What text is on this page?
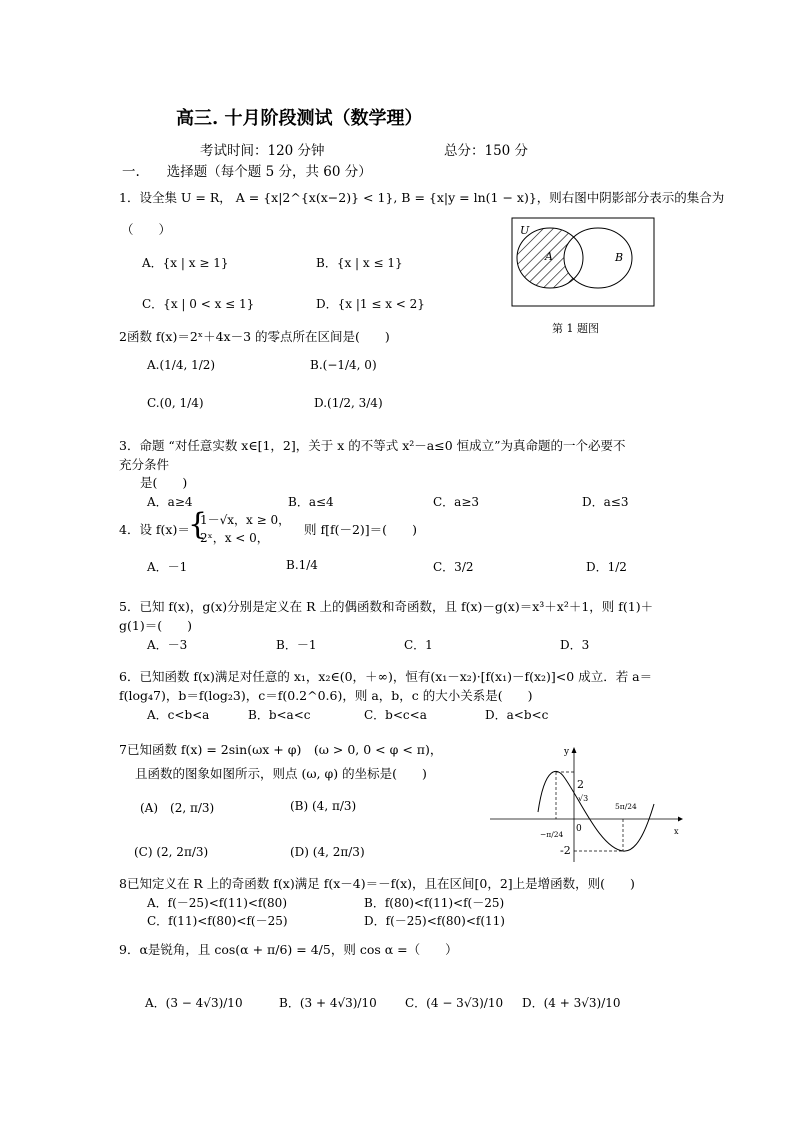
高三. 十月阶段测试（数学理）
考试时间：120 分钟	总分：150 分
一.　　选择题（每个题 5 分，共 60 分）
1．设全集 U = R， A = {x|2^{x(x−2)} < 1}, B = {x|y = ln(1 − x)}，则右图中阴影部分表示的集合为
（　　）
A．{x | x ≥ 1}	B．{x | x ≤ 1}
C．{x | 0 < x ≤ 1}	D．{x |1 ≤ x < 2}
U
A	B
第 1 题图
2函数 f(x)＝2ˣ＋4x－3 的零点所在区间是(　　)
A.(1/4, 1/2)	B.(−1/4, 0)
C.(0, 1/4)	D.(1/2, 3/4)
3．命题 “对任意实数 x∈[1，2]，关于 x 的不等式 x²－a≤0 恒成立”为真命题的一个必要不
充分条件
是(　　)
A．a≥4	B．a≤4	C．a≥3	D．a≤3
4．设 f(x)＝
{
1－√x，x ≥ 0，
2ˣ，x < 0，
则 f[f(－2)]＝(　　)
A．－1	B.1/4	C．3/2	D．1/2
5．已知 f(x)，g(x)分别是定义在 R 上的偶函数和奇函数，且 f(x)－g(x)＝x³＋x²＋1，则 f(1)＋
g(1)＝(　　)
A．－3	B．－1	C．1	D．3
6．已知函数 f(x)满足对任意的 x₁，x₂∈(0，＋∞)，恒有(x₁－x₂)·[f(x₁)－f(x₂)]<0 成立．若 a＝
f(log₄7)，b＝f(log₂3)，c＝f(0.2^0.6)，则 a，b，c 的大小关系是(　　)
A．c<b<a	B．b<a<c	C．b<c<a	D．a<b<c
7已知函数 f(x) = 2sin(ωx + φ)　(ω > 0, 0 < φ < π)，
且函数的图象如图所示，则点 (ω, φ) 的坐标是(　　)
(A)　(2, π/3)	(B) (4, π/3)
(C) (2, 2π/3)	(D) (4, 2π/3)
y
x
2
√3
-2
0
−π/24
5π/24
8已知定义在 R 上的奇函数 f(x)满足 f(x－4)＝－f(x)，且在区间[0，2]上是增函数，则(　　)
A．f(－25)<f(11)<f(80)	B．f(80)<f(11)<f(－25)
C．f(11)<f(80)<f(－25)	D．f(－25)<f(80)<f(11)
9．α是锐角，且 cos(α + π/6) = 4/5，则 cos α =（　　）
A．(3 − 4√3)/10	B．(3 + 4√3)/10 C．(4 − 3√3)/10 D．(4 + 3√3)/10
